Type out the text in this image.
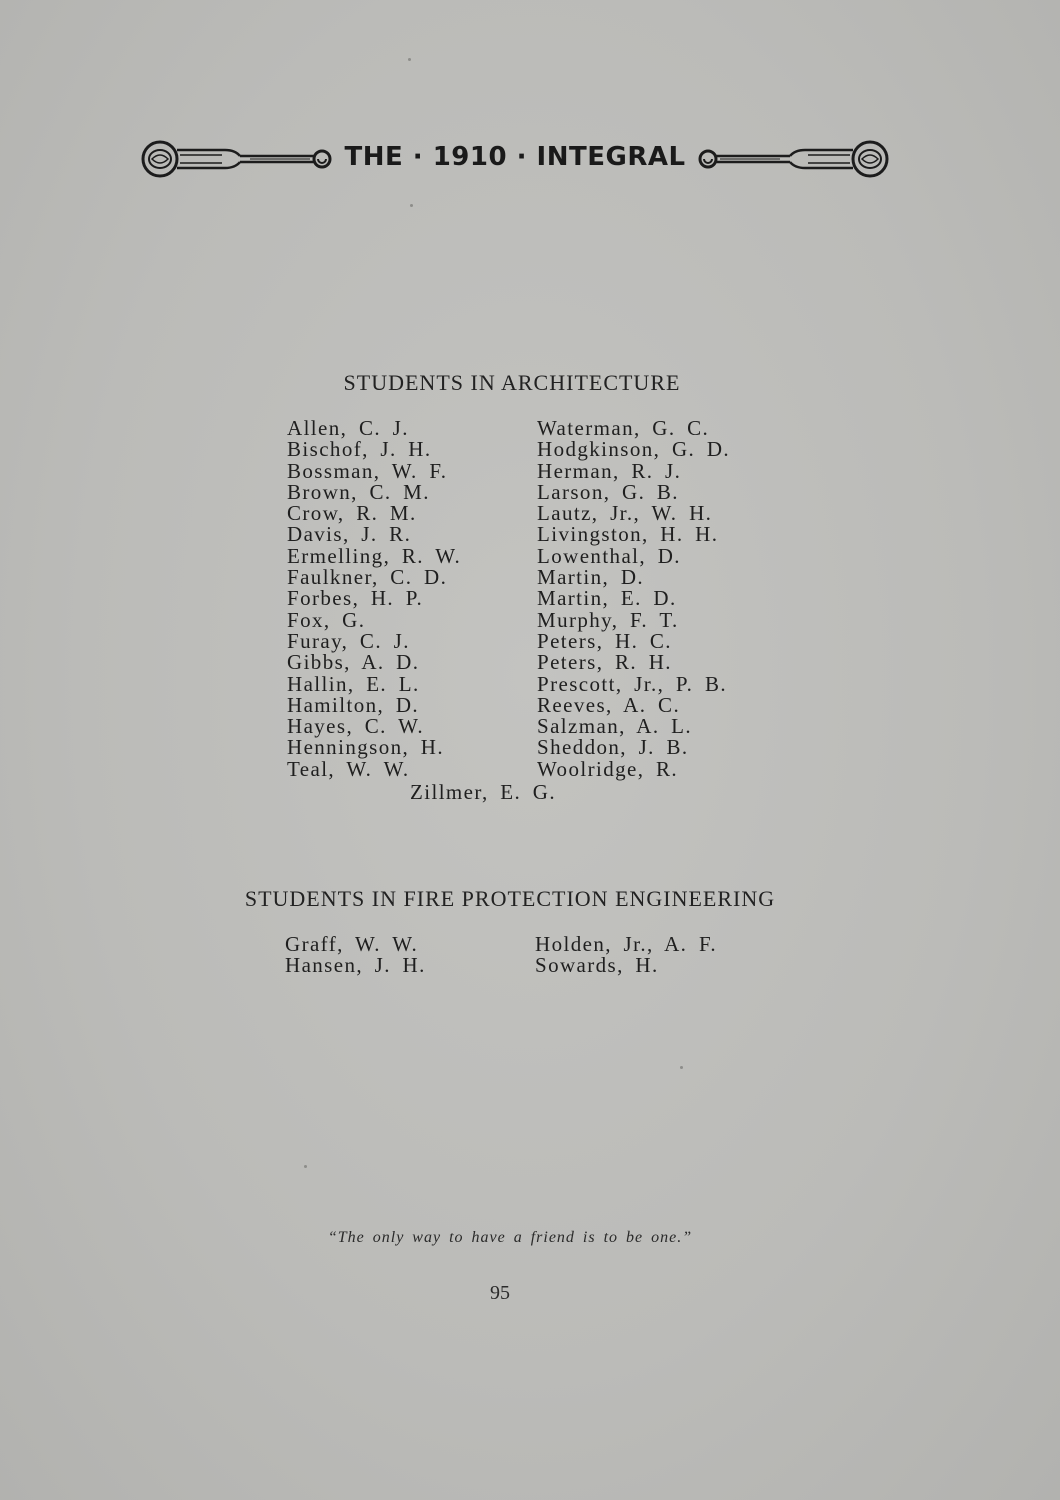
THE · 1910 · INTEGRAL
STUDENTS IN ARCHITECTURE
Allen, C. J.
Bischof, J. H.
Bossman, W. F.
Brown, C. M.
Crow, R. M.
Davis, J. R.
Ermelling, R. W.
Faulkner, C. D.
Forbes, H. P.
Fox, G.
Furay, C. J.
Gibbs, A. D.
Hallin, E. L.
Hamilton, D.
Hayes, C. W.
Henningson, H.
Teal, W. W.
Waterman, G. C.
Hodgkinson, G. D.
Herman, R. J.
Larson, G. B.
Lautz, Jr., W. H.
Livingston, H. H.
Lowenthal, D.
Martin, D.
Martin, E. D.
Murphy, F. T.
Peters, H. C.
Peters, R. H.
Prescott, Jr., P. B.
Reeves, A. C.
Salzman, A. L.
Sheddon, J. B.
Woolridge, R.
Zillmer, E. G.
STUDENTS IN FIRE PROTECTION ENGINEERING
Graff, W. W.
Hansen, J. H.
Holden, Jr., A. F.
Sowards, H.
“The only way to have a friend is to be one.”
95
